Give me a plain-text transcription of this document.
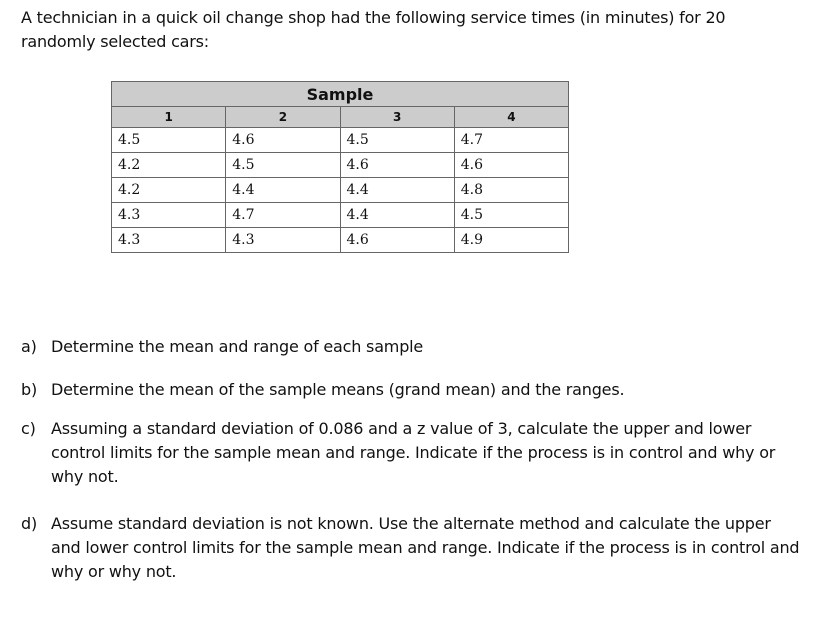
A technician in a quick oil change shop had the following service times (in minutes) for 20 randomly selected cars:
Sample			
1	2	3	4
4.5	4.6	4.5	4.7
4.2	4.5	4.6	4.6
4.2	4.4	4.4	4.8
4.3	4.7	4.4	4.5
4.3	4.3	4.6	4.9
a) Determine the mean and range of each sample
b) Determine the mean of the sample means (grand mean) and the ranges.
c) Assuming a standard deviation of 0.086 and a z value of 3, calculate the upper and lower control limits for the sample mean and range. Indicate if the process is in control and why or why not.
d) Assume standard deviation is not known. Use the alternate method and calculate the upper and lower control limits for the sample mean and range. Indicate if the process is in control and why or why not.
